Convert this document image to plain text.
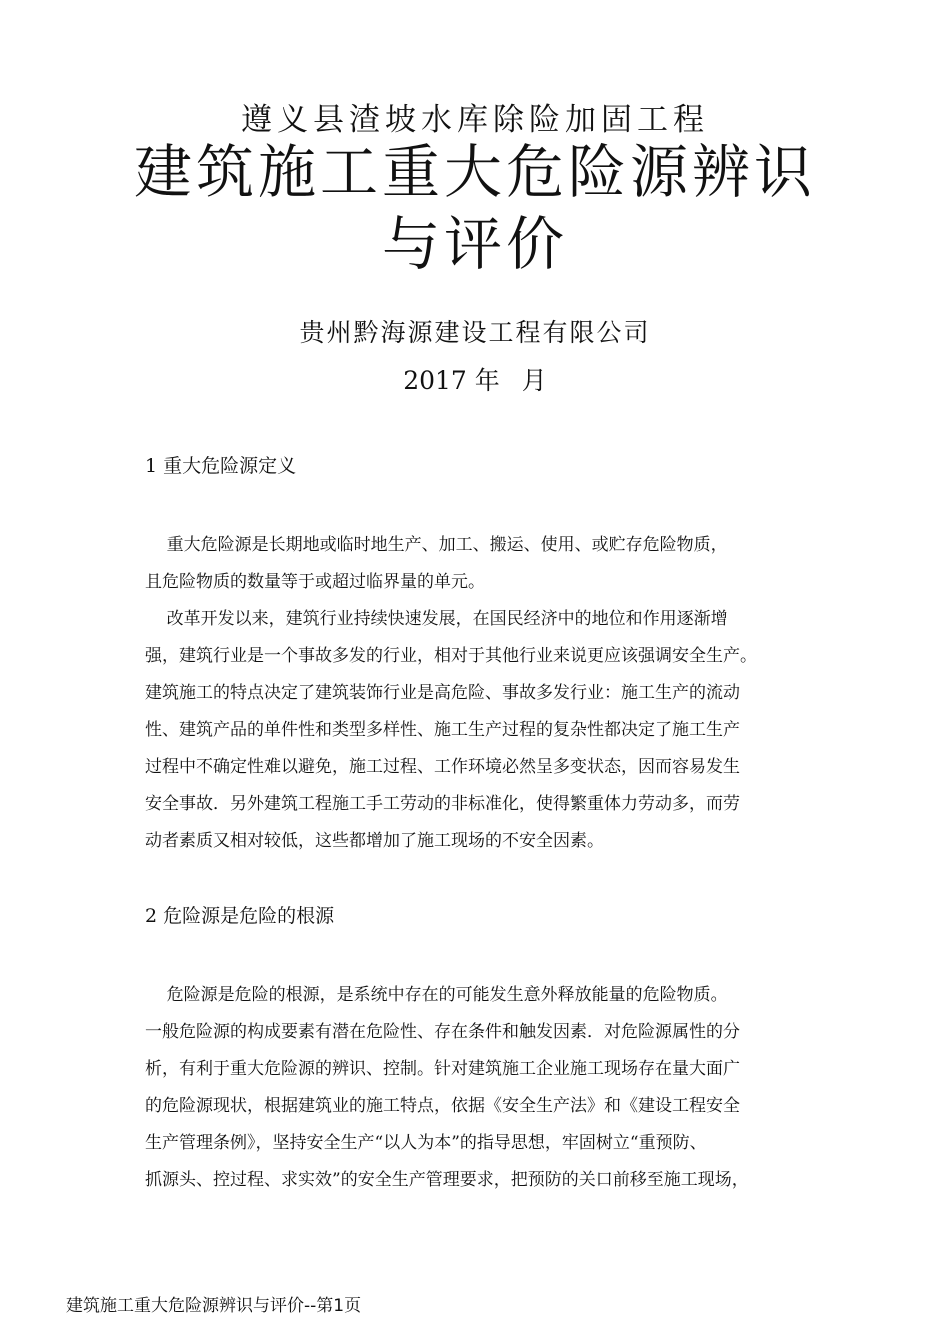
遵义县渣坡水库除险加固工程
建筑施工重大危险源辨识
与评价
贵州黔海源建设工程有限公司
2017 年 月
1 重大危险源定义
重大危险源是长期地或临时地生产、加工、搬运、使用、或贮存危险物质，
且危险物质的数量等于或超过临界量的单元。
改革开发以来，建筑行业持续快速发展，在国民经济中的地位和作用逐渐增
强，建筑行业是一个事故多发的行业，相对于其他行业来说更应该强调安全生产。
建筑施工的特点决定了建筑装饰行业是高危险、事故多发行业：施工生产的流动
性、建筑产品的单件性和类型多样性、施工生产过程的复杂性都决定了施工生产
过程中不确定性难以避免，施工过程、工作环境必然呈多变状态，因而容易发生
安全事故．另外建筑工程施工手工劳动的非标准化，使得繁重体力劳动多，而劳
动者素质又相对较低，这些都增加了施工现场的不安全因素。
2 危险源是危险的根源
危险源是危险的根源，是系统中存在的可能发生意外释放能量的危险物质。
一般危险源的构成要素有潜在危险性、存在条件和触发因素．对危险源属性的分
析，有利于重大危险源的辨识、控制。针对建筑施工企业施工现场存在量大面广
的危险源现状，根据建筑业的施工特点，依据《安全生产法》和《建设工程安全
生产管理条例》，坚持安全生产“以人为本”的指导思想，牢固树立“重预防、
抓源头、控过程、求实效”的安全生产管理要求，把预防的关口前移至施工现场，
建筑施工重大危险源辨识与评价--第1页
